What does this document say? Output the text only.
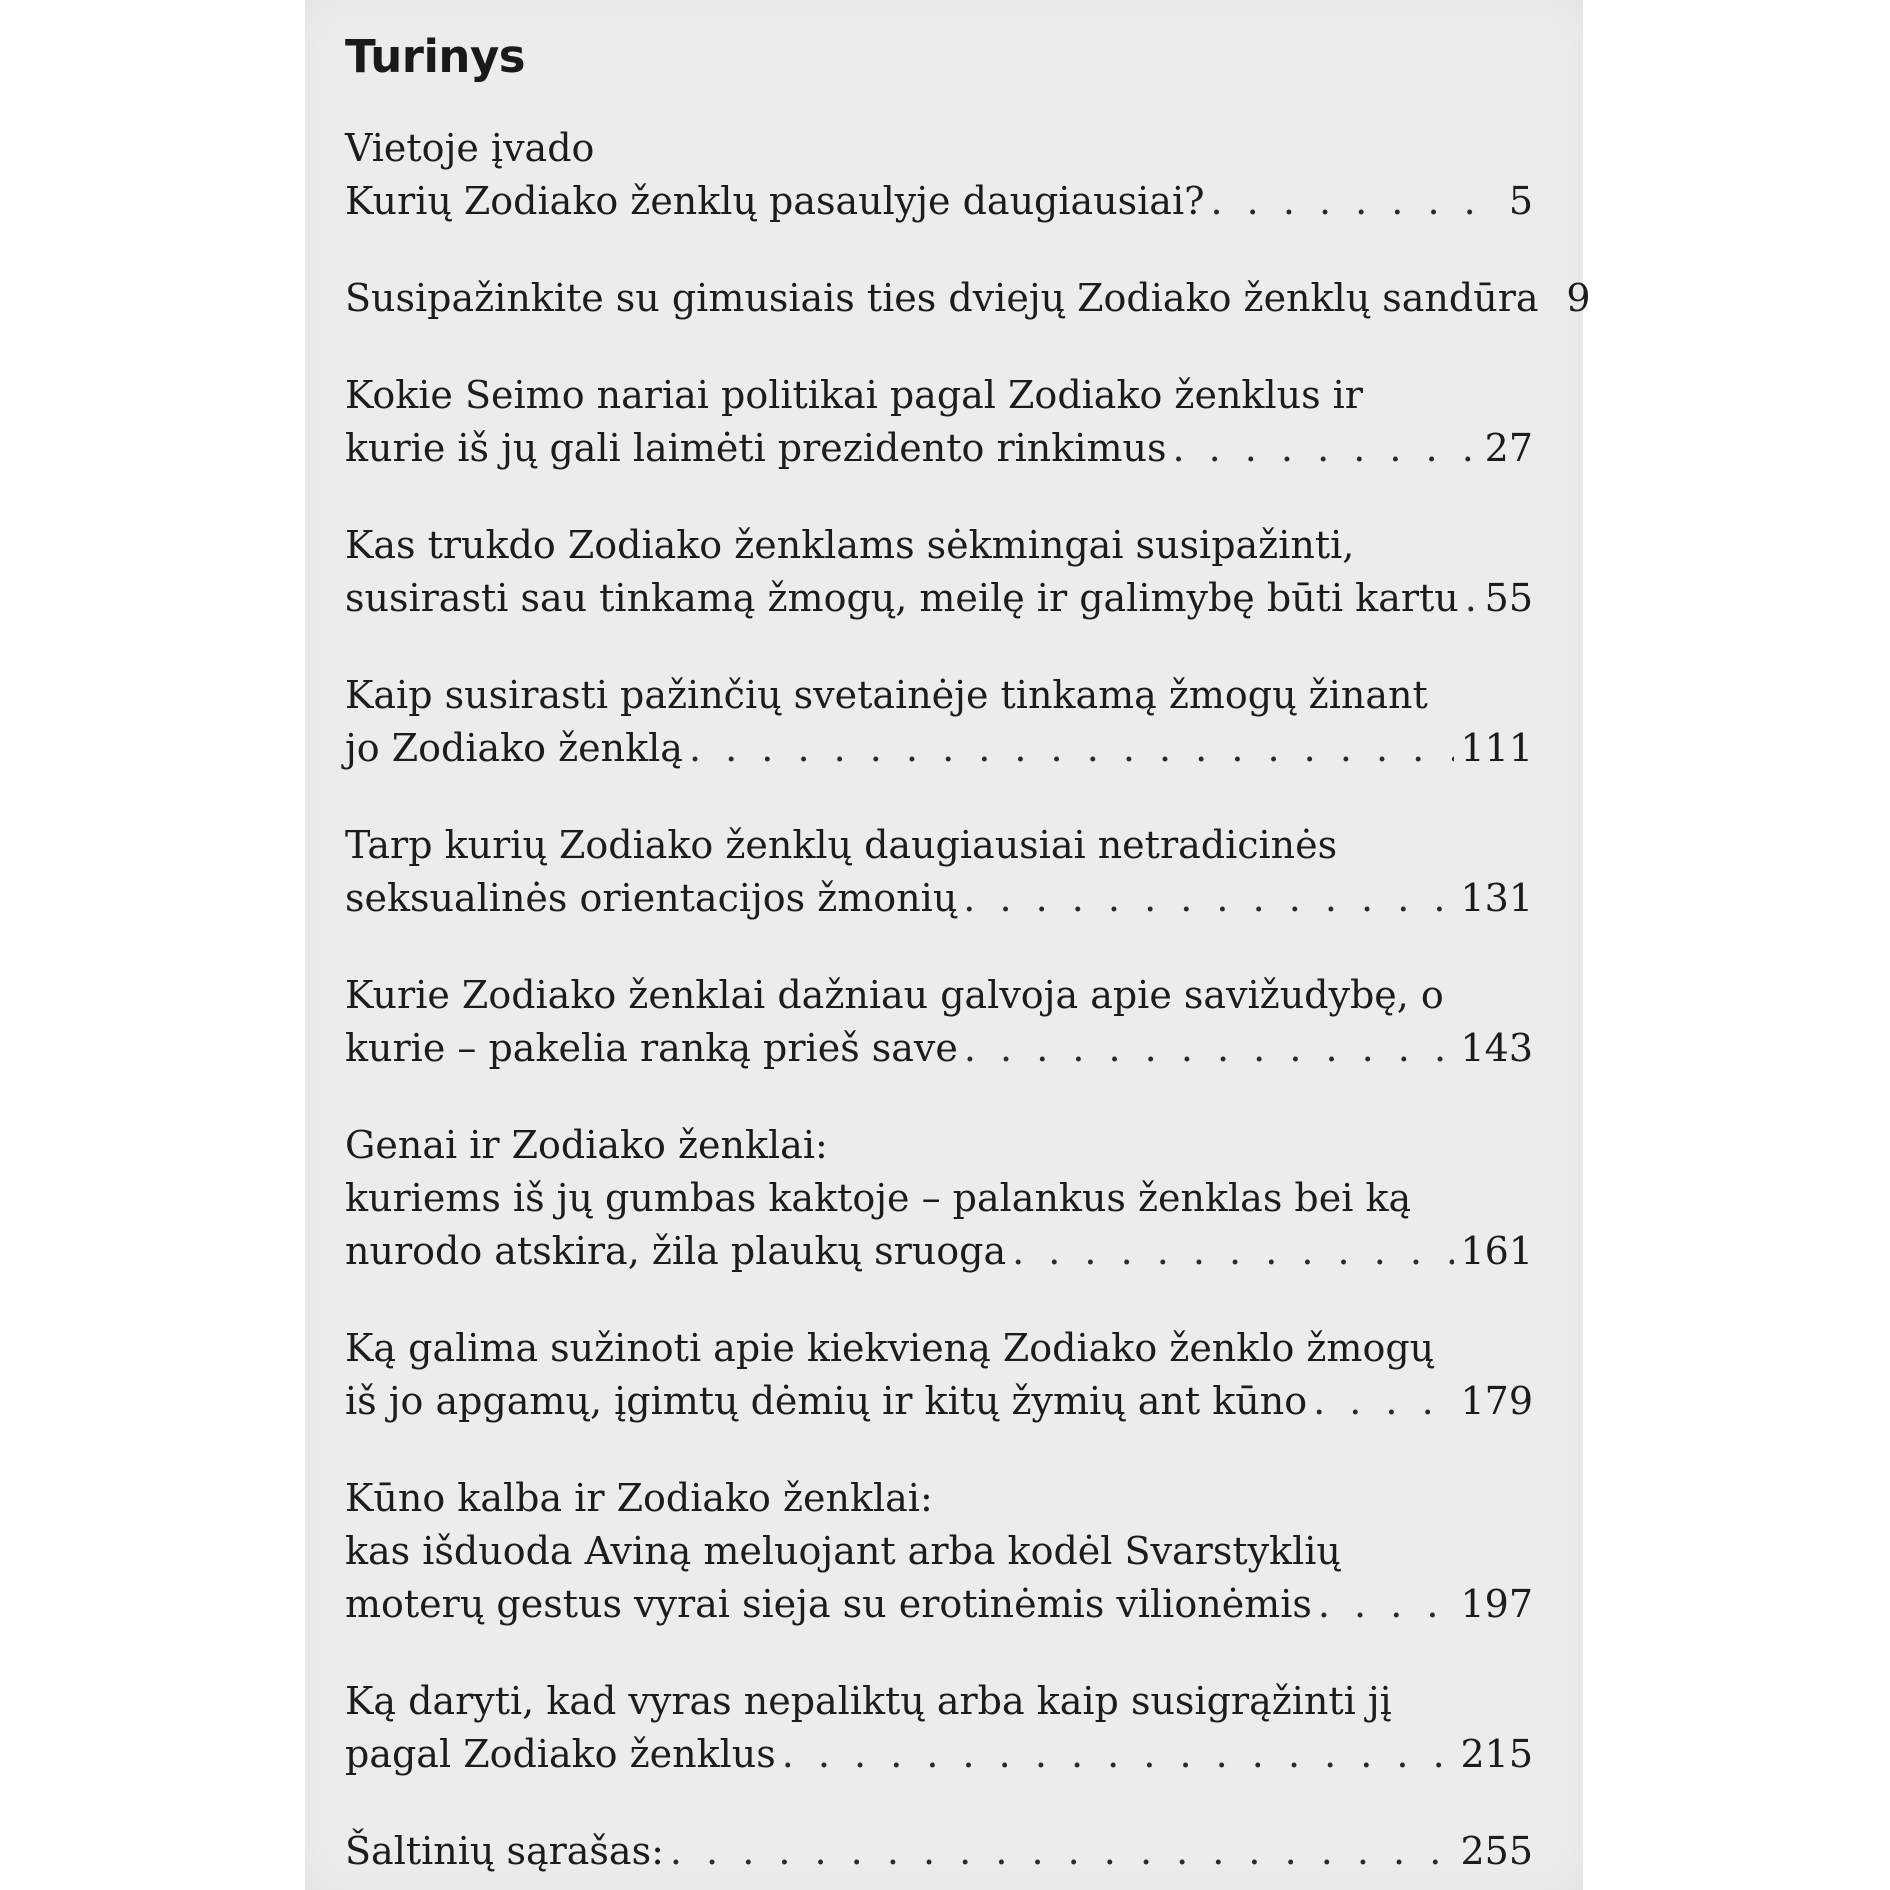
Turinys
Vietoje įvado
Kurių Zodiako ženklų pasaulyje daugiausiai? . . .	5
Susipažinkite su gimusiais ties dviejų Zodiako ženklų sandūra 9
Kokie Seimo nariai politikai pagal Zodiako ženklus ir
kurie iš jų gali laimėti prezidento rinkimus . . .	27
Kas trukdo Zodiako ženklams sėkmingai susipažinti,
susirasti sau tinkamą žmogų, meilę ir galimybę būti kartu . . . 55
Kaip susirasti pažinčių svetainėje tinkamą žmogų žinant
jo Zodiako ženklą . . .	111
Tarp kurių Zodiako ženklų daugiausiai netradicinės
seksualinės orientacijos žmonių . . .	131
Kurie Zodiako ženklai dažniau galvoja apie savižudybę, o
kurie – pakelia ranką prieš save . . .	143
Genai ir Zodiako ženklai:
kuriems iš jų gumbas kaktoje – palankus ženklas bei ką
nurodo atskira, žila plaukų sruoga . . .	161
Ką galima sužinoti apie kiekvieną Zodiako ženklo žmogų
iš jo apgamų, įgimtų dėmių ir kitų žymių ant kūno . . .	179
Kūno kalba ir Zodiako ženklai:
kas išduoda Aviną meluojant arba kodėl Svarstyklių
moterų gestus vyrai sieja su erotinėmis vilionėmis . . .	197
Ką daryti, kad vyras nepaliktų arba kaip susigrąžinti jį
pagal Zodiako ženklus . . .	215
Šaltinių sąrašas: . . .	255
